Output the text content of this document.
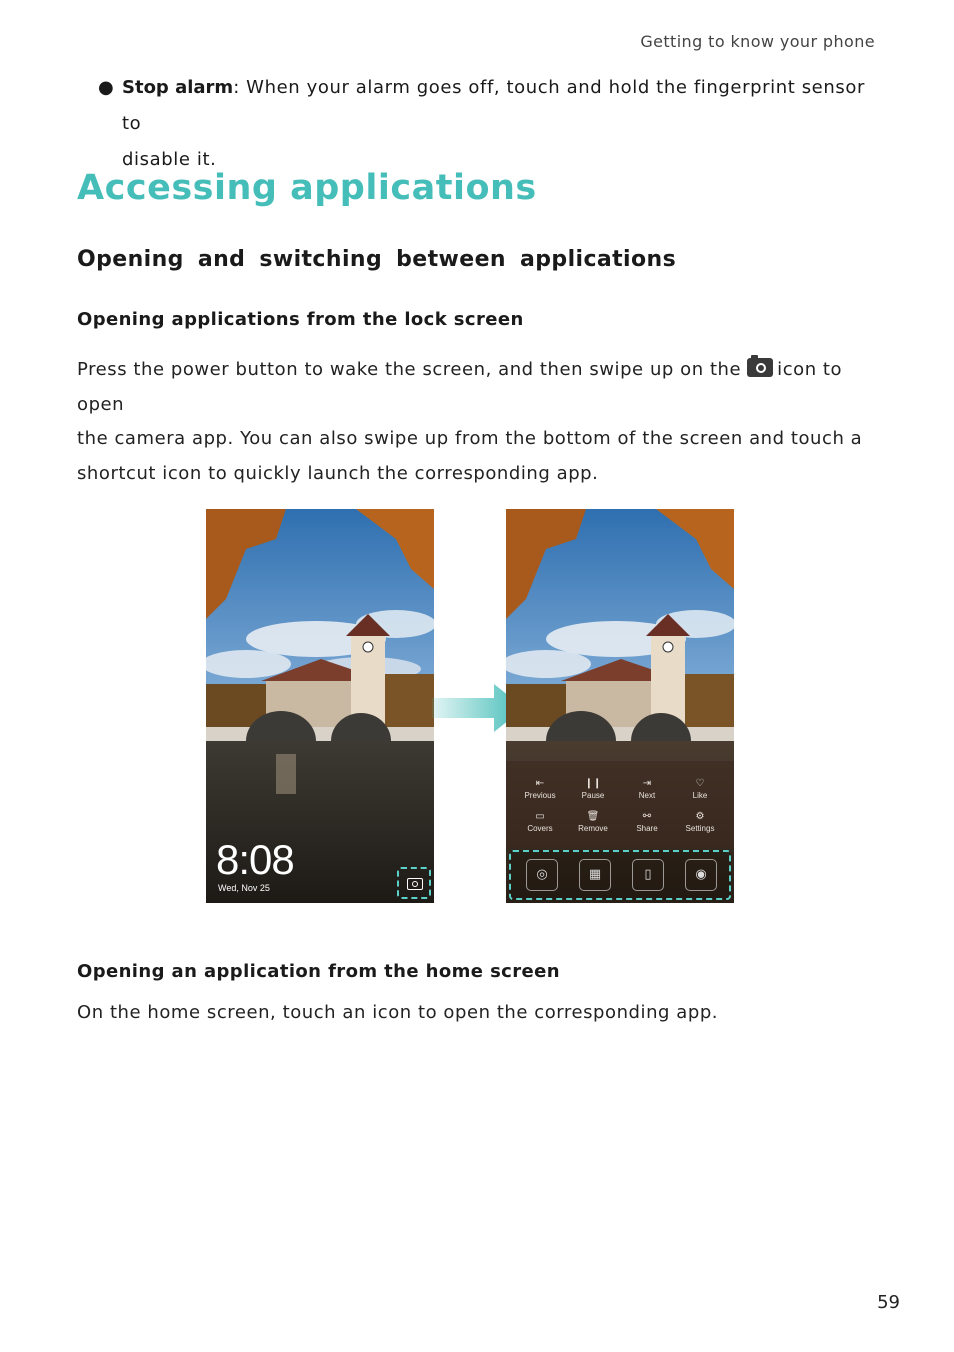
Getting to know your phone
● Stop alarm: When your alarm goes off, touch and hold the fingerprint sensor to
disable it.
Accessing applications
Opening and switching between applications
Opening applications from the lock screen

Press the power button to wake the screen, and then swipe up on the icon to open
the camera app. You can also swipe up from the bottom of the screen and touch a
shortcut icon to quickly launch the corresponding app.

8:08
Wed, Nov 25
⇤
Previous
❙❙
Pause
⇥
Next
♡
Like
▭
Covers
🗑
Remove
⚯
Share
⚙
Settings
◎	▦	▯	◉
Opening an application from the home screen

On the home screen, touch an icon to open the corresponding app.

59
